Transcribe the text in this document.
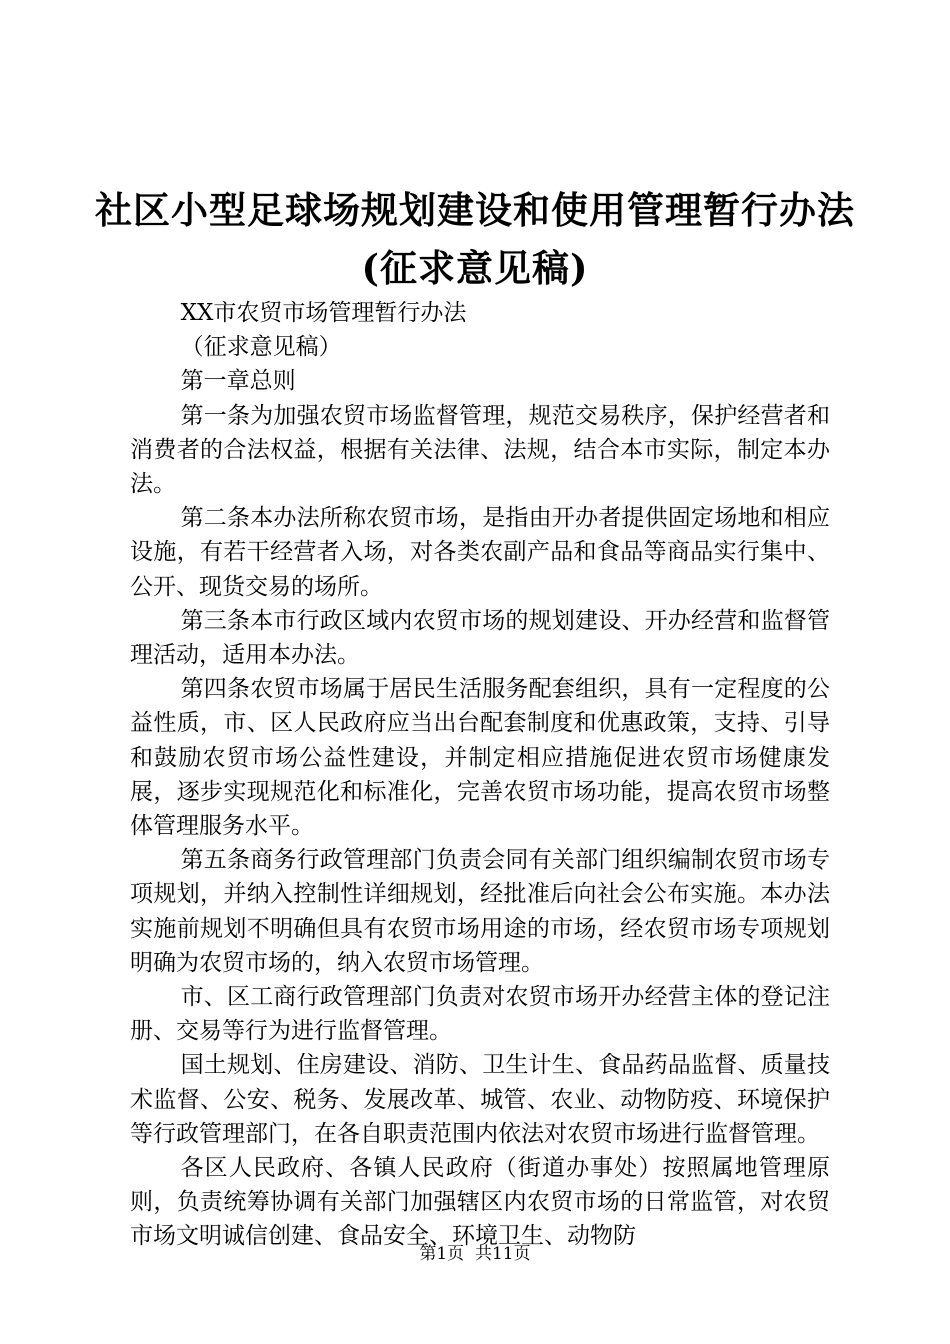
社区小型足球场规划建设和使用管理暂行办法
(征求意见稿)

XX市农贸市场管理暂行办法

（征求意见稿）

第一章总则

第一条为加强农贸市场监督管理，规范交易秩序，保护经营者和消费者的合法权益，根据有关法律、法规，结合本市实际，制定本办法。

第二条本办法所称农贸市场，是指由开办者提供固定场地和相应设施，有若干经营者入场，对各类农副产品和食品等商品实行集中、公开、现货交易的场所。

第三条本市行政区域内农贸市场的规划建设、开办经营和监督管理活动，适用本办法。

第四条农贸市场属于居民生活服务配套组织，具有一定程度的公益性质，市、区人民政府应当出台配套制度和优惠政策，支持、引导和鼓励农贸市场公益性建设，并制定相应措施促进农贸市场健康发展，逐步实现规范化和标准化，完善农贸市场功能，提高农贸市场整体管理服务水平。

第五条商务行政管理部门负责会同有关部门组织编制农贸市场专项规划，并纳入控制性详细规划，经批准后向社会公布实施。本办法实施前规划不明确但具有农贸市场用途的市场，经农贸市场专项规划明确为农贸市场的，纳入农贸市场管理。

市、区工商行政管理部门负责对农贸市场开办经营主体的登记注册、交易等行为进行监督管理。

国土规划、住房建设、消防、卫生计生、食品药品监督、质量技术监督、公安、税务、发展改革、城管、农业、动物防疫、环境保护等行政管理部门，在各自职责范围内依法对农贸市场进行监督管理。

各区人民政府、各镇人民政府（街道办事处）按照属地管理原则，负责统筹协调有关部门加强辖区内农贸市场的日常监管，对农贸市场文明诚信创建、食品安全、环境卫生、动物防

第1页  共11页
